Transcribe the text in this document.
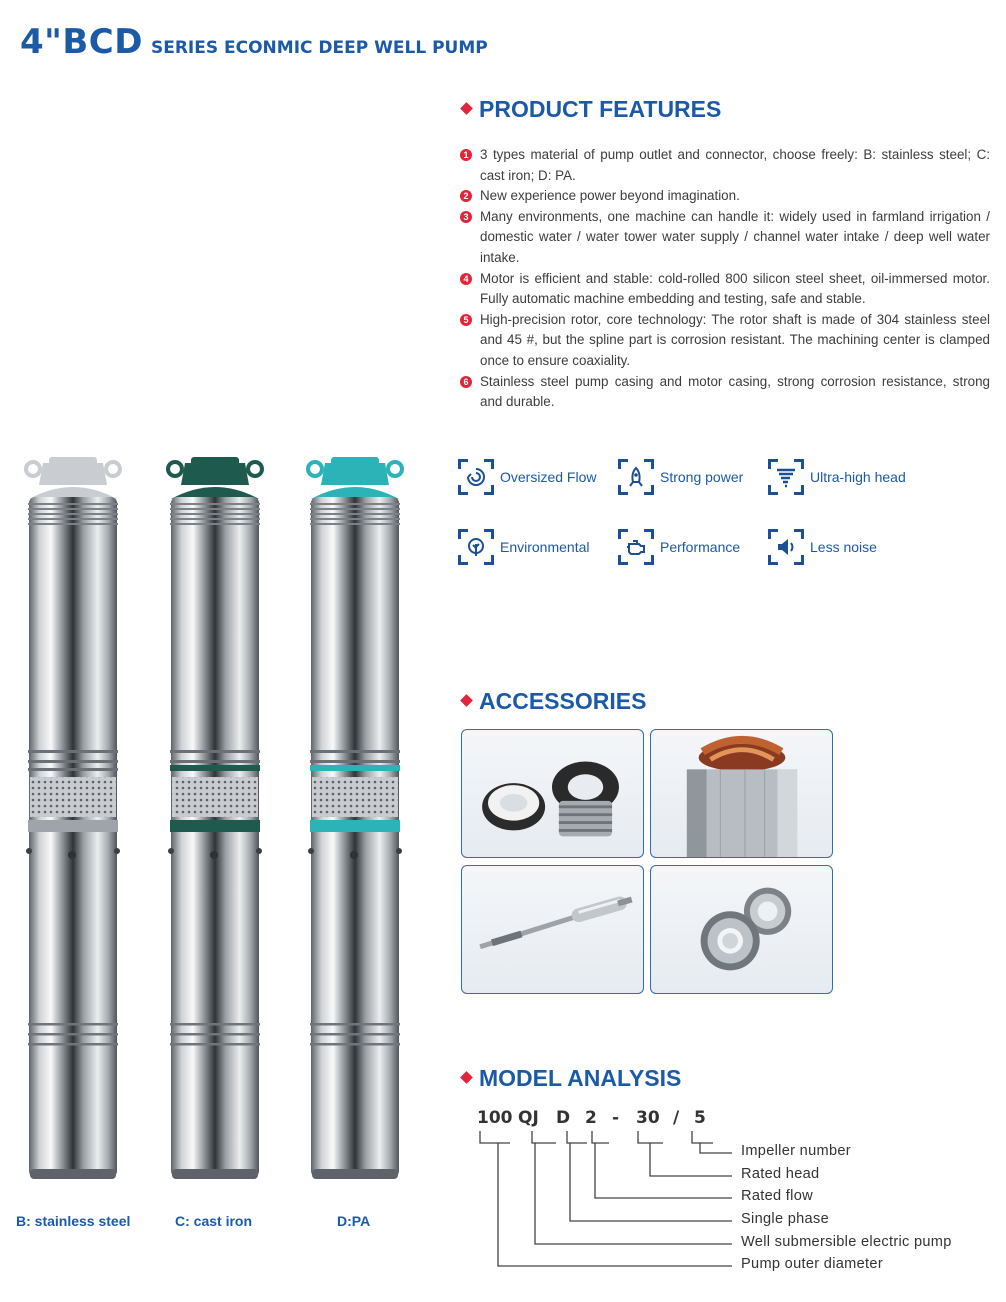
4"BCD SERIES ECONMIC DEEP WELL PUMP
PRODUCT FEATURES
1 3 types material of pump outlet and connector, choose freely: B: stainless steel; C: cast iron; D: PA.
2 New experience power beyond imagination.
3 Many environments, one machine can handle it: widely used in farmland irrigation / domestic water / water tower water supply / channel water intake / deep well water intake.
4 Motor is efficient and stable: cold-rolled 800 silicon steel sheet, oil-immersed motor. Fully automatic machine embedding and testing, safe and stable.
5 High-precision rotor, core technology: The rotor shaft is made of 304 stainless steel and 45 #, but the spline part is corrosion resistant. The machining center is clamped once to ensure coaxiality.
6 Stainless steel pump casing and motor casing, strong corrosion resistance, strong and durable.
Oversized Flow	Strong power	Ultra-high head
Environmental	Performance	Less noise
ACCESSORIES
B: stainless steel	C: cast iron	D:PA
MODEL ANALYSIS
100 QJ D 2 - 30 / 5
Impeller number
Rated head
Rated flow
Single phase
Well submersible electric pump
Pump outer diameter
